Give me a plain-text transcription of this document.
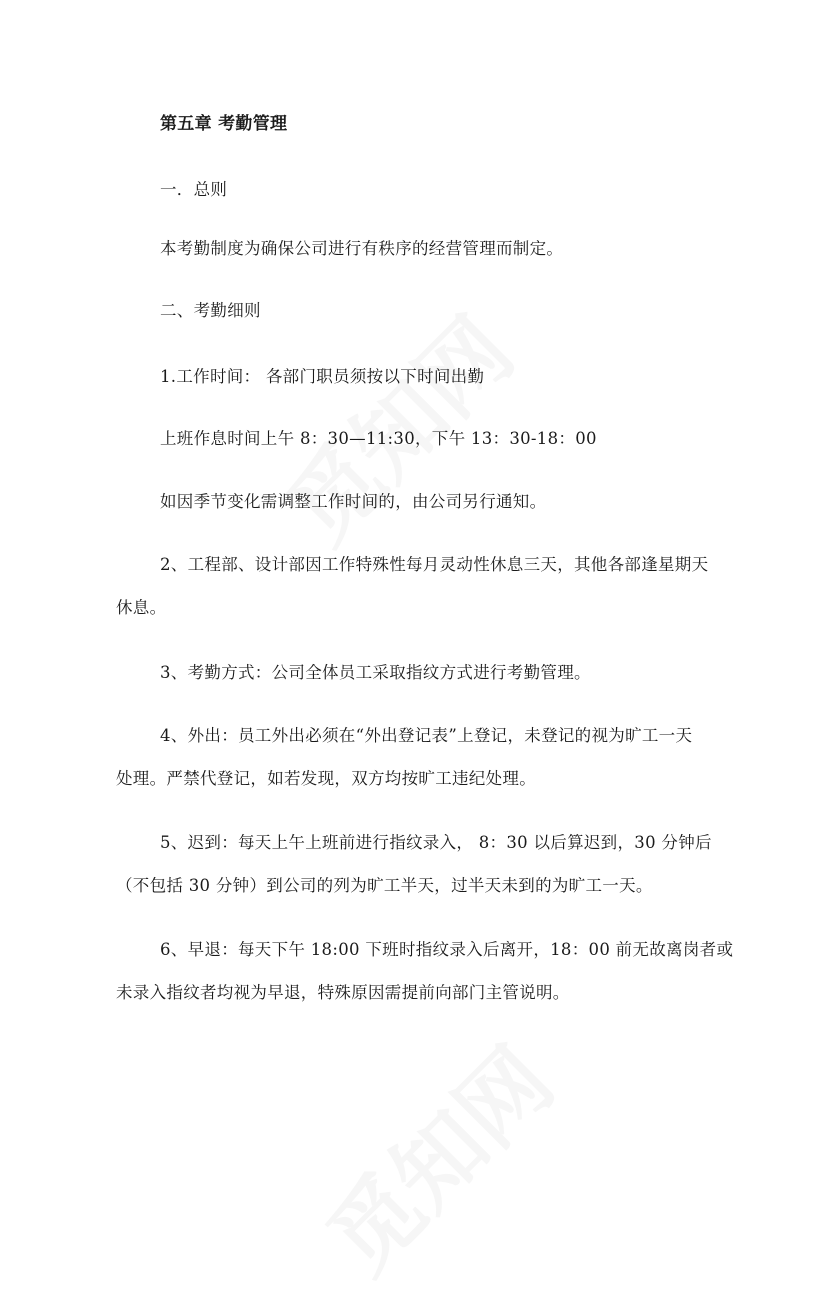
第五章 考勤管理
一．总则
本考勤制度为确保公司进行有秩序的经营管理而制定。
二、考勤细则
1.工作时间： 各部门职员须按以下时间出勤
上班作息时间上午 8：30—11:30，下午 13：30-18：00
如因季节变化需调整工作时间的，由公司另行通知。
2、工程部、设计部因工作特殊性每月灵动性休息三天，其他各部逢星期天
休息。
3、考勤方式：公司全体员工采取指纹方式进行考勤管理。
4、外出：员工外出必须在“外出登记表”上登记，未登记的视为旷工一天
处理。严禁代登记，如若发现，双方均按旷工违纪处理。
5、迟到：每天上午上班前进行指纹录入， 8：30 以后算迟到，30 分钟后
（不包括 30 分钟）到公司的列为旷工半天，过半天未到的为旷工一天。
6、早退：每天下午 18:00 下班时指纹录入后离开，18：00 前无故离岗者或
未录入指纹者均视为早退，特殊原因需提前向部门主管说明。
